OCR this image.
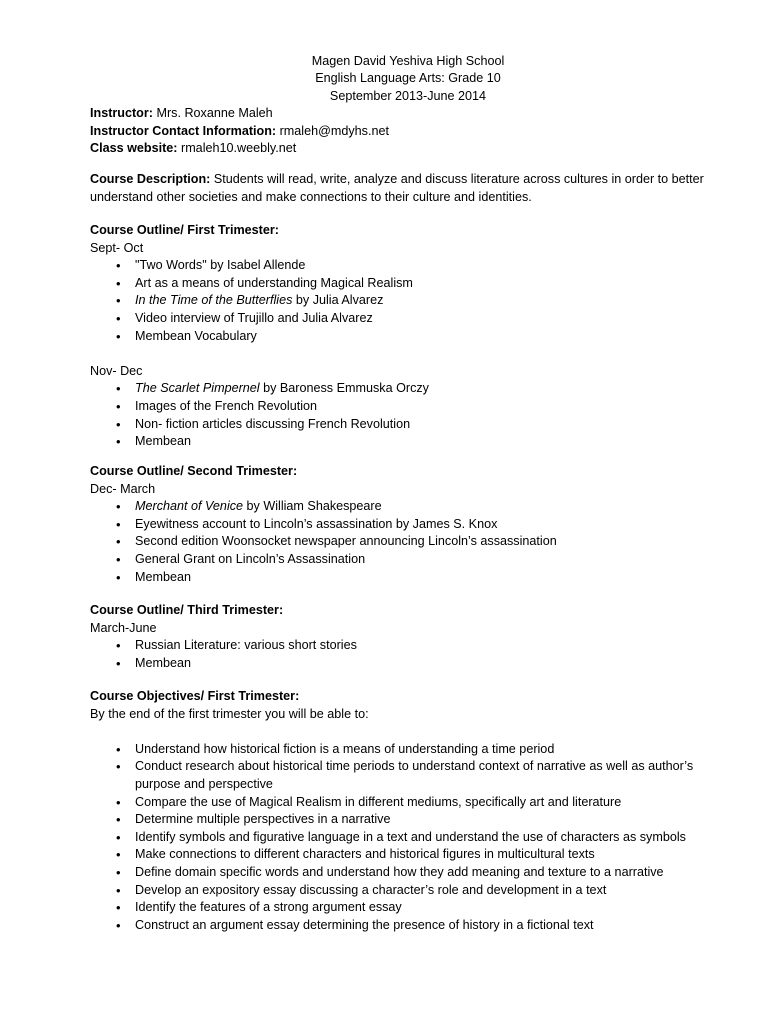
Magen David Yeshiva High School
English Language Arts: Grade 10
September 2013-June 2014
Instructor: Mrs. Roxanne Maleh
Instructor Contact Information: rmaleh@mdyhs.net
Class website: rmaleh10.weebly.net
Course Description: Students will read, write, analyze and discuss literature across cultures in order to better understand other societies and make connections to their culture and identities.
Course Outline/ First Trimester:
Sept- Oct
• "Two Words" by Isabel Allende
• Art as a means of understanding Magical Realism
• In the Time of the Butterflies by Julia Alvarez
• Video interview of Trujillo and Julia Alvarez
• Membean Vocabulary
Nov- Dec
• The Scarlet Pimpernel by Baroness Emmuska Orczy
• Images of the French Revolution
• Non- fiction articles discussing French Revolution
• Membean
Course Outline/ Second Trimester:
Dec- March
• Merchant of Venice by William Shakespeare
• Eyewitness account to Lincoln’s assassination by James S. Knox
• Second edition Woonsocket newspaper announcing Lincoln’s assassination
• General Grant on Lincoln’s Assassination
• Membean
Course Outline/ Third Trimester:
March-June
• Russian Literature: various short stories
• Membean
Course Objectives/ First Trimester:
By the end of the first trimester you will be able to:
• Understand how historical fiction is a means of understanding a time period
• Conduct research about historical time periods to understand context of narrative as well as author’s purpose and perspective
• Compare the use of Magical Realism in different mediums, specifically art and literature
• Determine multiple perspectives in a narrative
• Identify symbols and figurative language in a text and understand the use of characters as symbols
• Make connections to different characters and historical figures in multicultural texts
• Define domain specific words and understand how they add meaning and texture to a narrative
• Develop an expository essay discussing a character’s role and development in a text
• Identify the features of a strong argument essay
• Construct an argument essay determining the presence of history in a fictional text
